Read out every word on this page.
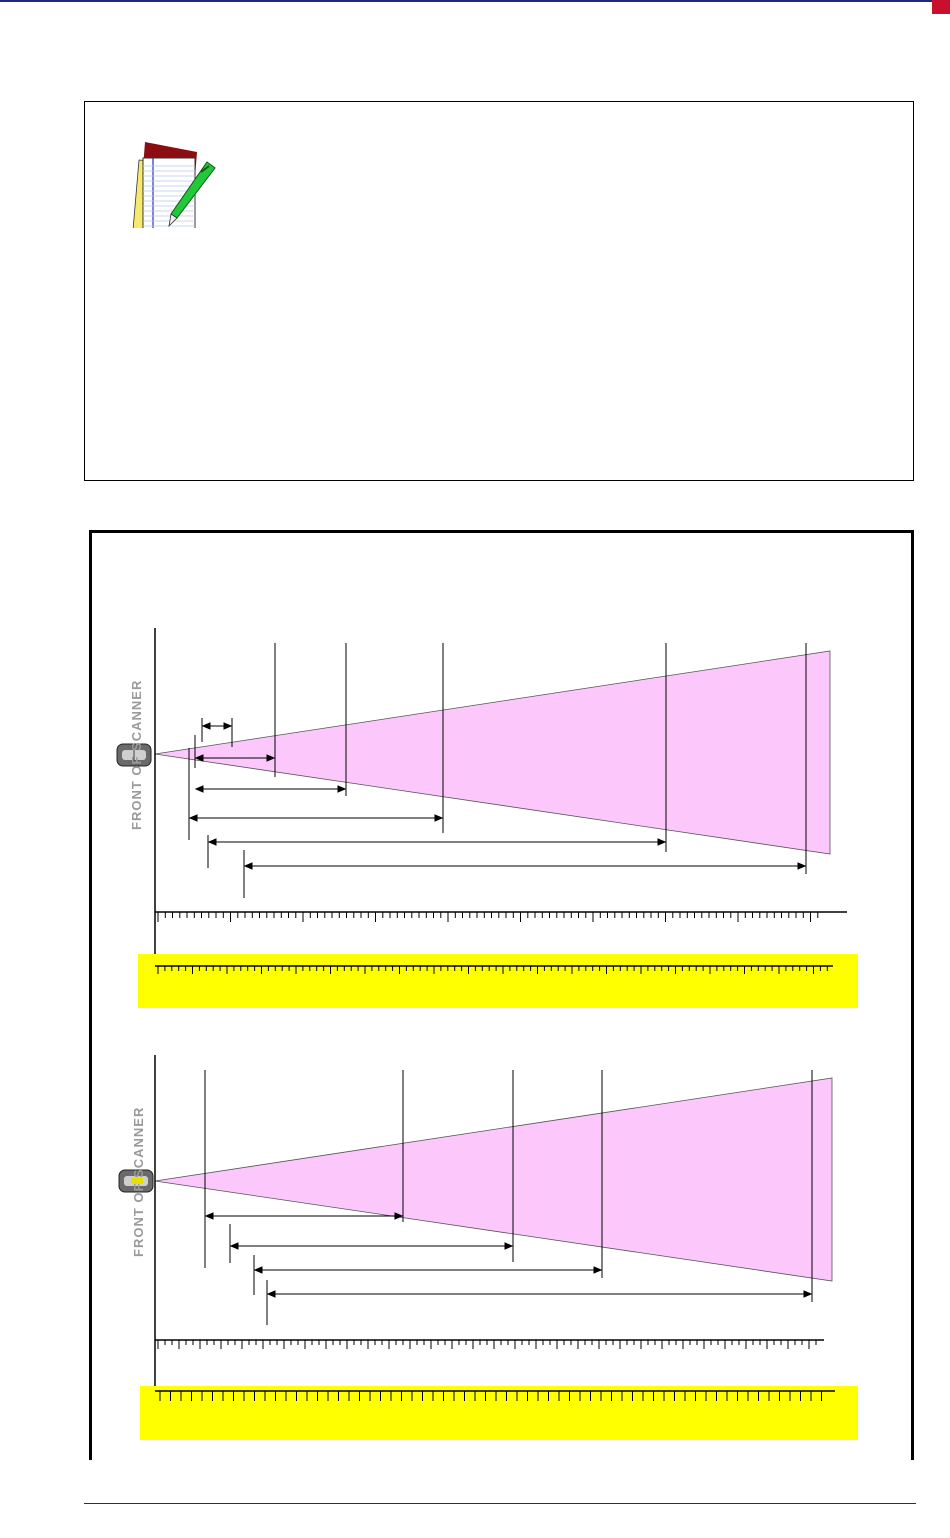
FRONT OF SCANNER
FRONT OF SCANNER
